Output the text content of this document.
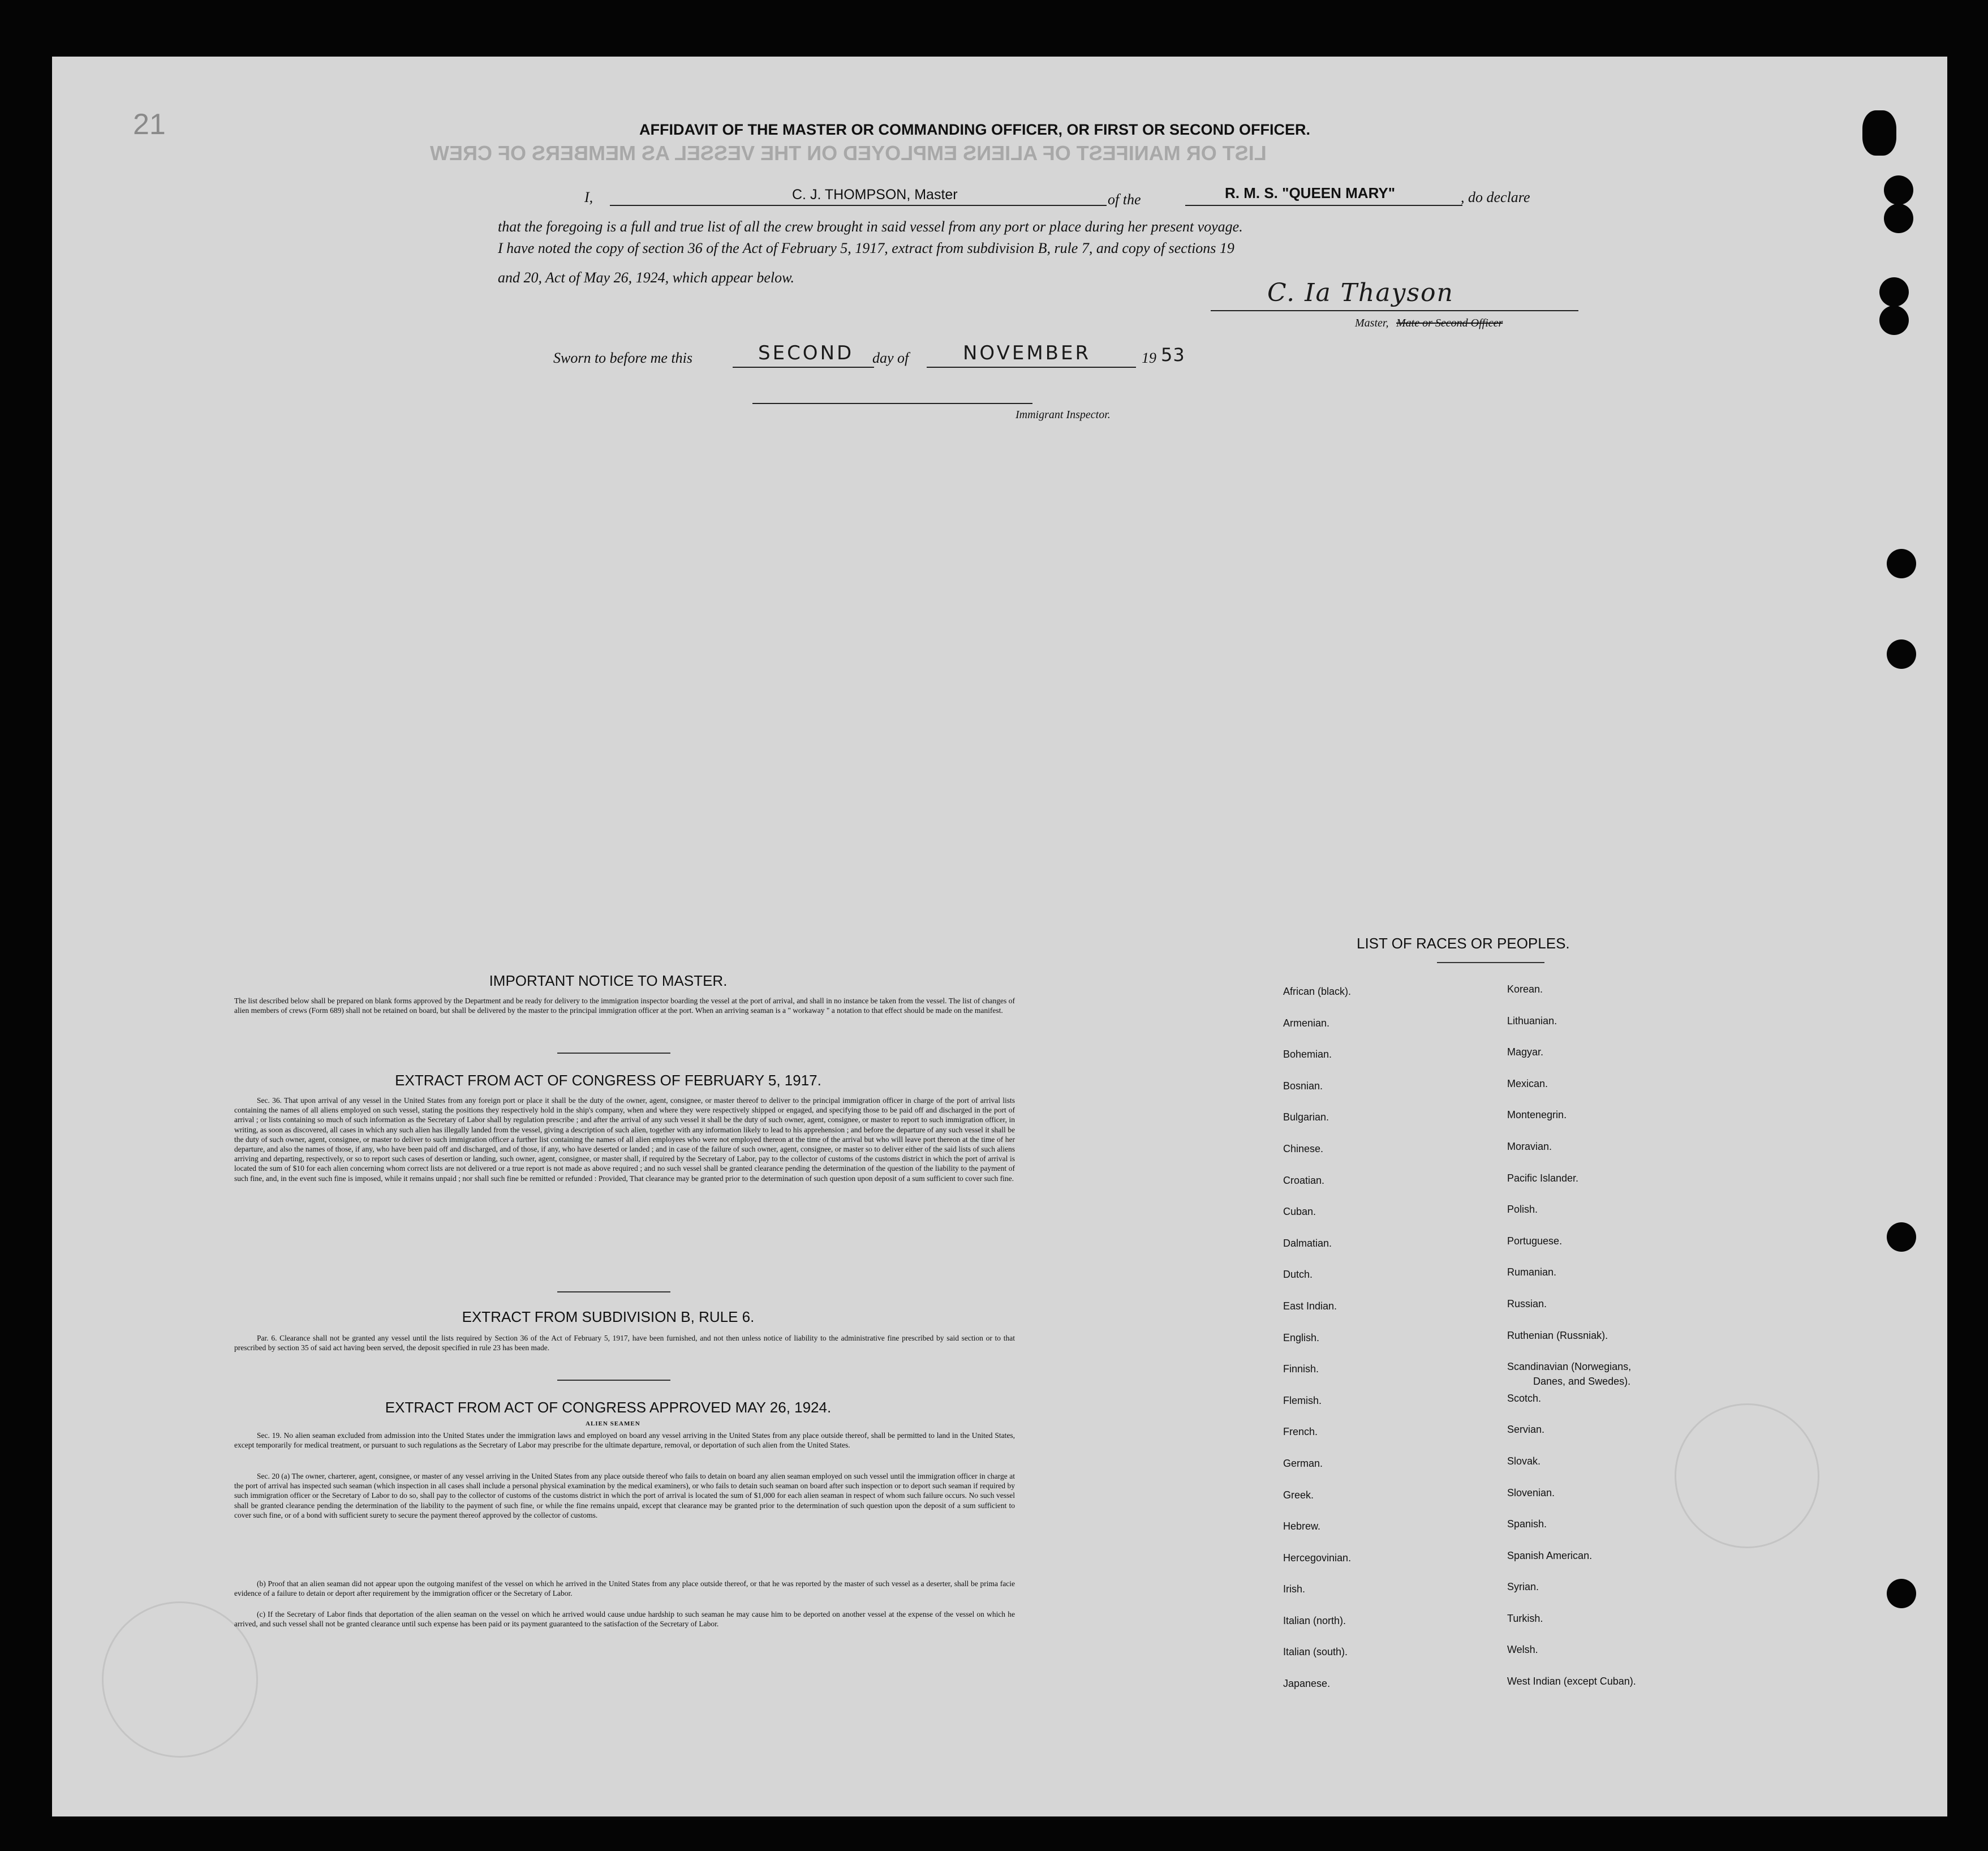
LIST OR MANIFEST OF ALIENS EMPLOYED ON THE VESSEL AS MEMBERS OF CREW
21	AFFIDAVIT OF THE MASTER OR COMMANDING OFFICER, OR FIRST OR SECOND OFFICER.
I,	C. J. THOMPSON, Master	of the	R. M. S. "QUEEN MARY"	, do declare
that the foregoing is a full and true list of all the crew brought in said vessel from any port or place during her present voyage.
I have noted the copy of section 36 of the Act of February 5, 1917, extract from subdivision B, rule 7, and copy of sections 19
and 20, Act of May 26, 1924, which appear below.
C. Ia Thayson
Master, Mate or Second Officer
Sworn to before me this	SECOND day of	NOVEMBER	19 53
Immigrant Inspector.
IMPORTANT NOTICE TO MASTER.

The list described below shall be prepared on blank forms approved by the Department and be ready for delivery to the immigration inspector boarding the vessel at the port of arrival, and shall in no instance be taken from the vessel. The list of changes of alien members of crews (Form 689) shall not be retained on board, but shall be delivered by the master to the principal immigration officer at the port. When an arriving seaman is a " workaway " a notation to that effect should be made on the manifest.

EXTRACT FROM ACT OF CONGRESS OF FEBRUARY 5, 1917.

Sec. 36. That upon arrival of any vessel in the United States from any foreign port or place it shall be the duty of the owner, agent, consignee, or master thereof to deliver to the principal immigration officer in charge of the port of arrival lists containing the names of all aliens employed on such vessel, stating the positions they respectively hold in the ship's company, when and where they were respectively shipped or engaged, and specifying those to be paid off and discharged in the port of arrival ; or lists containing so much of such information as the Secretary of Labor shall by regulation prescribe ; and after the arrival of any such vessel it shall be the duty of such owner, agent, consignee, or master to report to such immigration officer, in writing, as soon as discovered, all cases in which any such alien has illegally landed from the vessel, giving a description of such alien, together with any information likely to lead to his apprehension ; and before the departure of any such vessel it shall be the duty of such owner, agent, consignee, or master to deliver to such immigration officer a further list containing the names of all alien employees who were not employed thereon at the time of the arrival but who will leave port thereon at the time of her departure, and also the names of those, if any, who have been paid off and discharged, and of those, if any, who have deserted or landed ; and in case of the failure of such owner, agent, consignee, or master so to deliver either of the said lists of such aliens arriving and departing, respectively, or so to report such cases of desertion or landing, such owner, agent, consignee, or master shall, if required by the Secretary of Labor, pay to the collector of customs of the customs district in which the port of arrival is located the sum of $10 for each alien concerning whom correct lists are not delivered or a true report is not made as above required ; and no such vessel shall be granted clearance pending the determination of the question of the liability to the payment of such fine, and, in the event such fine is imposed, while it remains unpaid ; nor shall such fine be remitted or refunded : Provided, That clearance may be granted prior to the determination of such question upon deposit of a sum sufficient to cover such fine.

EXTRACT FROM SUBDIVISION B, RULE 6.

Par. 6. Clearance shall not be granted any vessel until the lists required by Section 36 of the Act of February 5, 1917, have been furnished, and not then unless notice of liability to the administrative fine prescribed by said section or to that prescribed by section 35 of said act having been served, the deposit specified in rule 23 has been made.

EXTRACT FROM ACT OF CONGRESS APPROVED MAY 26, 1924.
ALIEN SEAMEN

Sec. 19. No alien seaman excluded from admission into the United States under the immigration laws and employed on board any vessel arriving in the United States from any place outside thereof, shall be permitted to land in the United States, except temporarily for medical treatment, or pursuant to such regulations as the Secretary of Labor may prescribe for the ultimate departure, removal, or deportation of such alien from the United States.

Sec. 20 (a) The owner, charterer, agent, consignee, or master of any vessel arriving in the United States from any place outside thereof who fails to detain on board any alien seaman employed on such vessel until the immigration officer in charge at the port of arrival has inspected such seaman (which inspection in all cases shall include a personal physical examination by the medical examiners), or who fails to detain such seaman on board after such inspection or to deport such seaman if required by such immigration officer or the Secretary of Labor to do so, shall pay to the collector of customs of the customs district in which the port of arrival is located the sum of $1,000 for each alien seaman in respect of whom such failure occurs. No such vessel shall be granted clearance pending the determination of the liability to the payment of such fine, or while the fine remains unpaid, except that clearance may be granted prior to the determination of such question upon the deposit of a sum sufficient to cover such fine, or of a bond with sufficient surety to secure the payment thereof approved by the collector of customs.

(b) Proof that an alien seaman did not appear upon the outgoing manifest of the vessel on which he arrived in the United States from any place outside thereof, or that he was reported by the master of such vessel as a deserter, shall be prima facie evidence of a failure to detain or deport after requirement by the immigration officer or the Secretary of Labor.

(c) If the Secretary of Labor finds that deportation of the alien seaman on the vessel on which he arrived would cause undue hardship to such seaman he may cause him to be deported on another vessel at the expense of the vessel on which he arrived, and such vessel shall not be granted clearance until such expense has been paid or its payment guaranteed to the satisfaction of the Secretary of Labor.

LIST OF RACES OR PEOPLES.
African (black).
Armenian.
Bohemian.
Bosnian.
Bulgarian.
Chinese.
Croatian.
Cuban.
Dalmatian.
Dutch.
East Indian.
English.
Finnish.
Flemish.
French.
German.
Greek.
Hebrew.
Hercegovinian.
Irish.
Italian (north).
Italian (south).
Japanese.
Korean.
Lithuanian.
Magyar.
Mexican.
Montenegrin.
Moravian.
Pacific Islander.
Polish.
Portuguese.
Rumanian.
Russian.
Ruthenian (Russniak).
Scandinavian (Norwegians,
Danes, and Swedes).
Scotch.
Servian.
Slovak.
Slovenian.
Spanish.
Spanish American.
Syrian.
Turkish.
Welsh.
West Indian (except Cuban).
